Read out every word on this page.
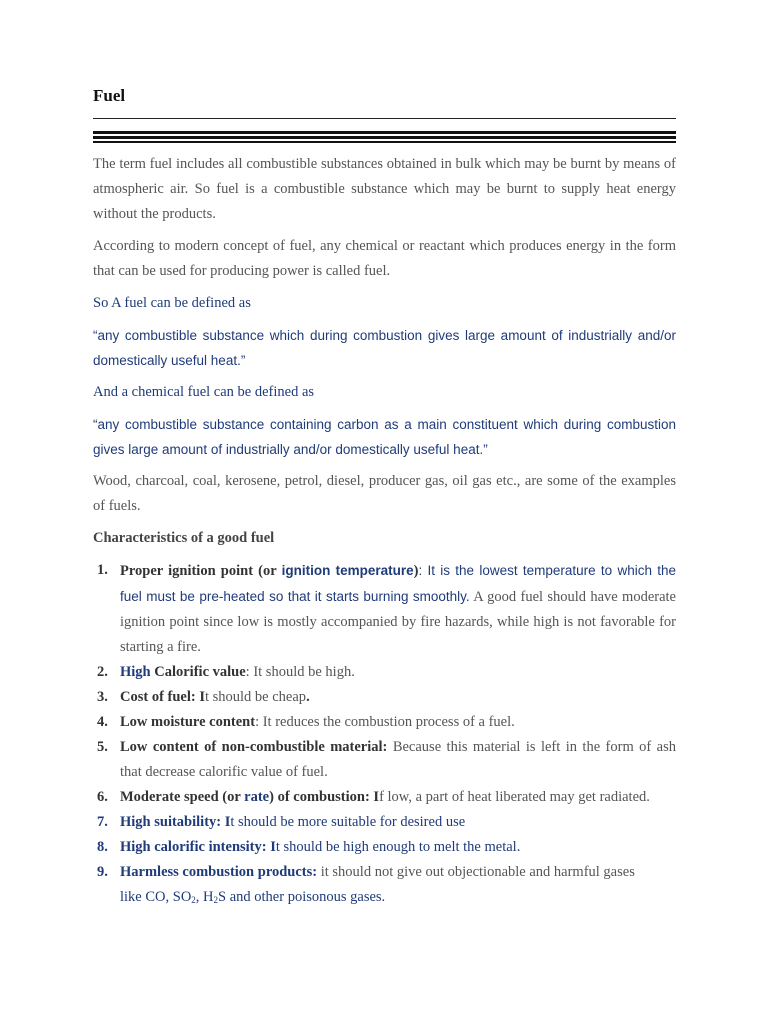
Fuel

The term fuel includes all combustible substances obtained in bulk which may be burnt by means of atmospheric air. So fuel is a combustible substance which may be burnt to supply heat energy without the products.

According to modern concept of fuel, any chemical or reactant which produces energy in the form that can be used for producing power is called fuel.

So A fuel can be defined as

“any combustible substance which during combustion gives large amount of industrially and/or domestically useful heat.”

And a chemical fuel can be defined as

“any combustible substance containing carbon as a main constituent which during combustion gives large amount of industrially and/or domestically useful heat.”

Wood, charcoal, coal, kerosene, petrol, diesel, producer gas, oil gas etc., are some of the examples of fuels.

Characteristics of a good fuel

1. Proper ignition point (or ignition temperature): It is the lowest temperature to which the fuel must be pre-heated so that it starts burning smoothly. A good fuel should have moderate ignition point since low is mostly accompanied by fire hazards, while high is not favorable for starting a fire.
2. High Calorific value: It should be high.
3. Cost of fuel: It should be cheap.
4. Low moisture content: It reduces the combustion process of a fuel.
5. Low content of non-combustible material: Because this material is left in the form of ash that decrease calorific value of fuel.
6. Moderate speed (or rate) of combustion: If low, a part of heat liberated may get radiated.
7. High suitability: It should be more suitable for desired use
8. High calorific intensity: It should be high enough to melt the metal.
9. Harmless combustion products: it should not give out objectionable and harmful gases
like CO, $SO_2$, $H_2S$ and other poisonous gases.
